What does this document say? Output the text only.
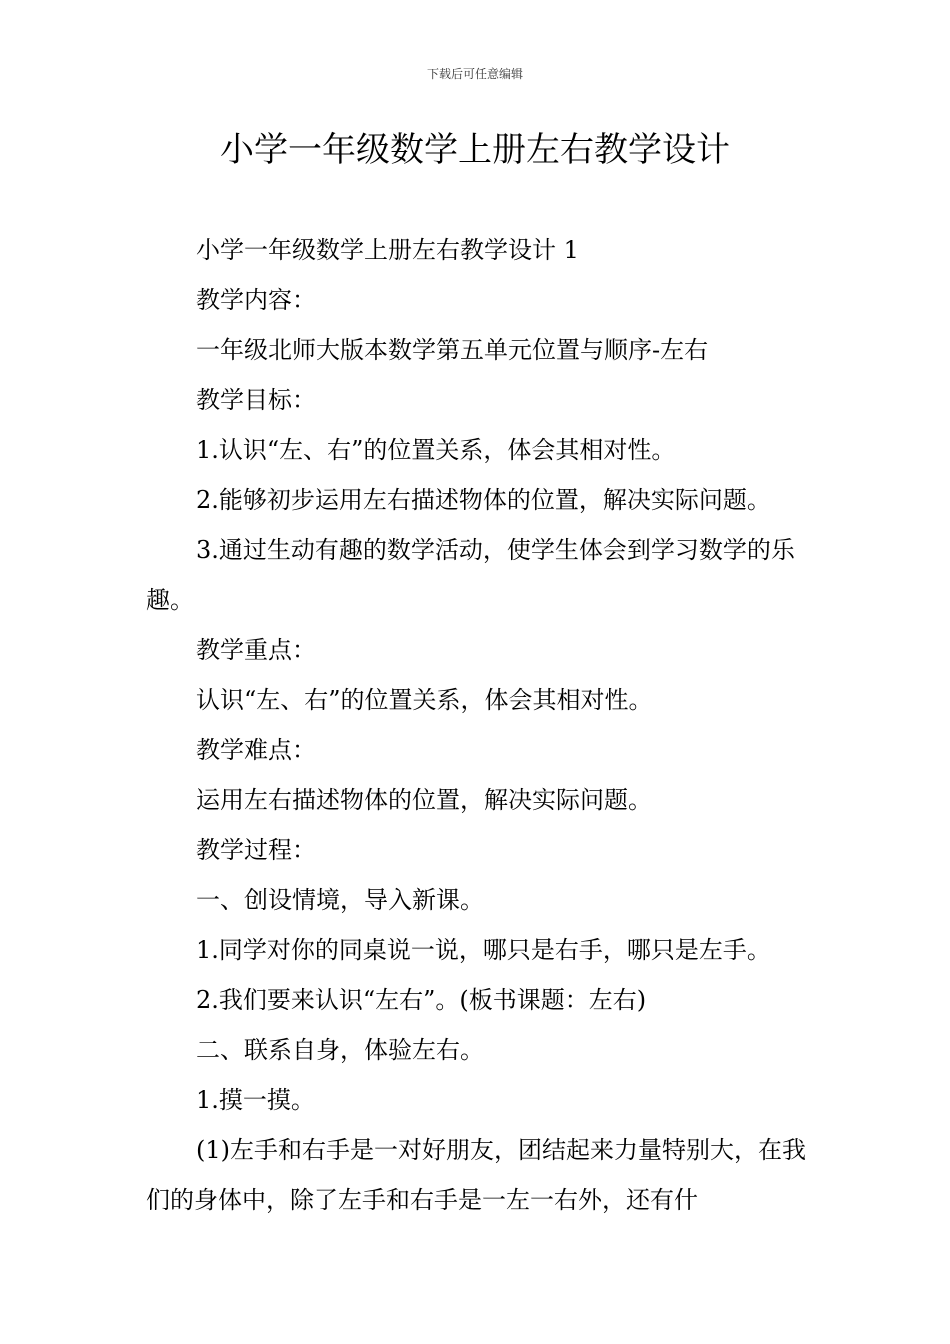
下载后可任意编辑
小学一年级数学上册左右教学设计

小学一年级数学上册左右教学设计 1

教学内容：

一年级北师大版本数学第五单元位置与顺序-左右

教学目标：

1.认识“左、右”的位置关系，体会其相对性。

2.能够初步运用左右描述物体的位置，解决实际问题。

3.通过生动有趣的数学活动，使学生体会到学习数学的乐趣。

教学重点：

认识“左、右”的位置关系，体会其相对性。

教学难点：

运用左右描述物体的位置，解决实际问题。

教学过程：

一、创设情境，导入新课。

1.同学对你的同桌说一说，哪只是右手，哪只是左手。

2.我们要来认识“左右”。(板书课题：左右)

二、联系自身，体验左右。

1.摸一摸。

(1)左手和右手是一对好朋友，团结起来力量特别大，在我们的身体中，除了左手和右手是一左一右外，还有什
